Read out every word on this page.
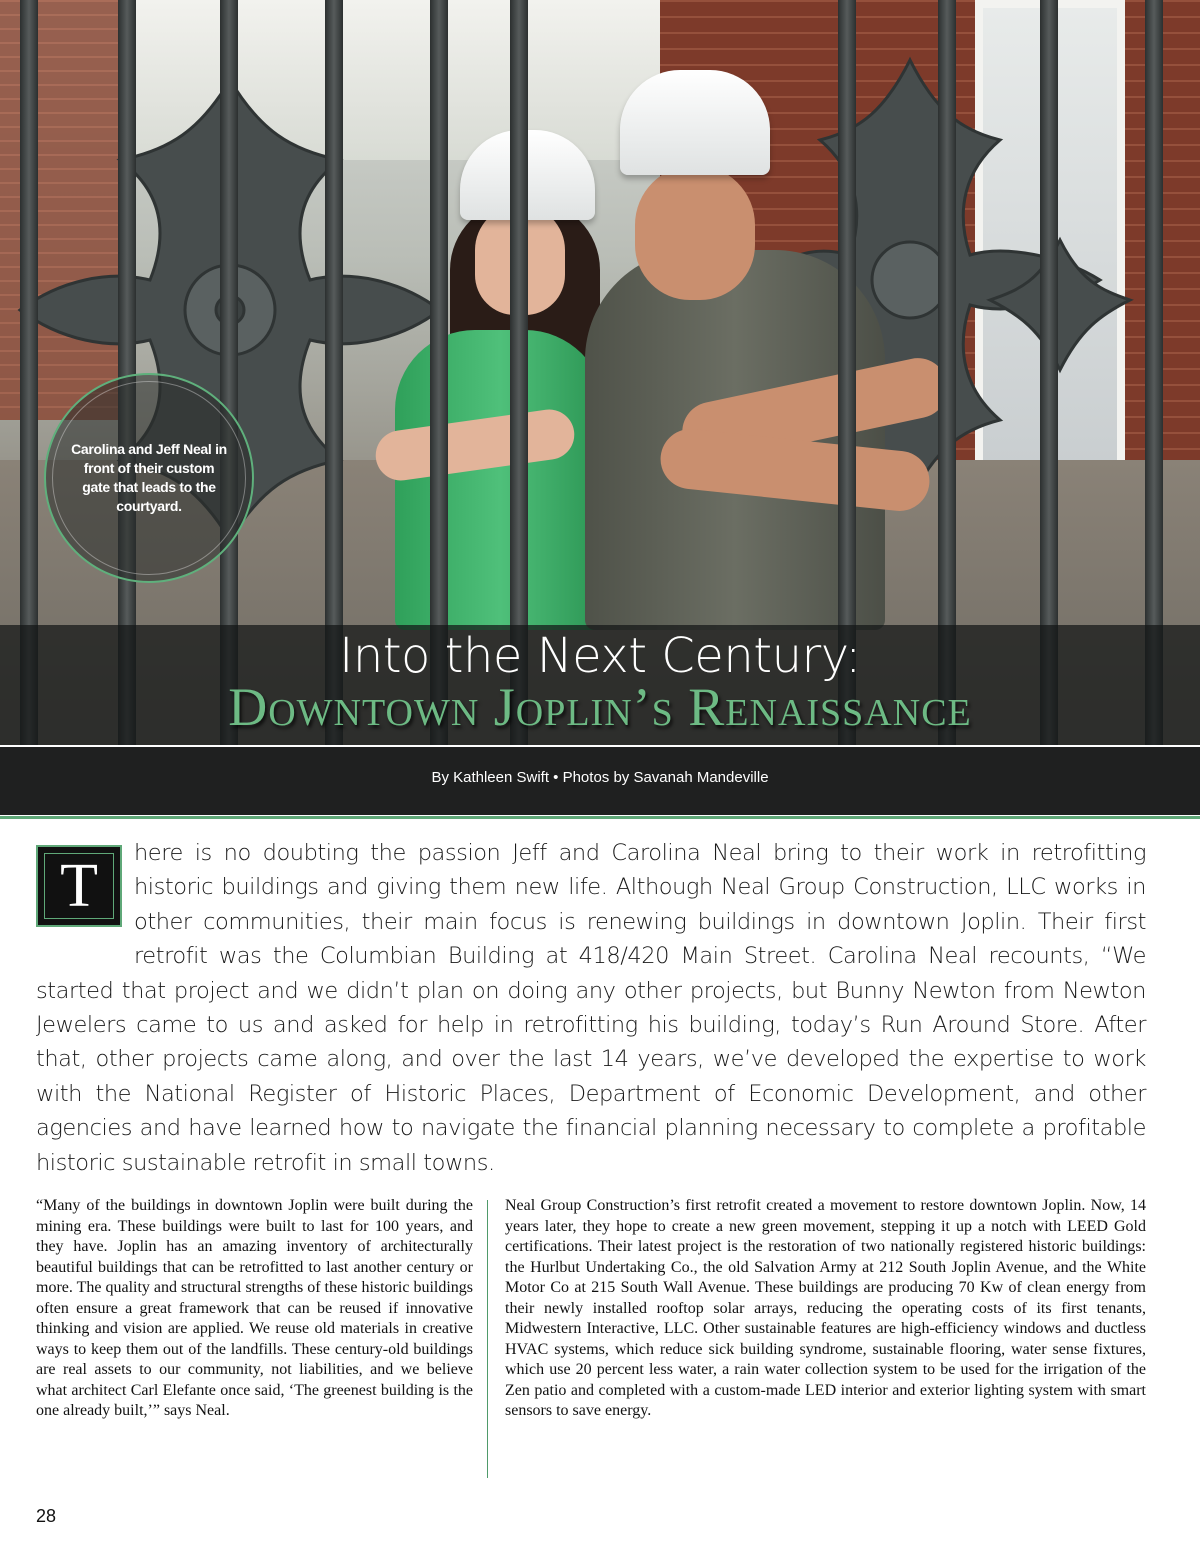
Carolina and Jeff Neal in front of their custom gate that leads to the courtyard.
Into the Next Century:
Downtown Joplin’s Renaissance
By Kathleen Swift • Photos by Savanah Mandeville
T	here is no doubting the passion Jeff and Carolina Neal bring to their work in retrofitting historic buildings and giving them new life. Although Neal Group Construction, LLC works in other communities, their main focus is renewing buildings in downtown Joplin. Their first retrofit was the Columbian Building at 418/420 Main Street. Carolina Neal recounts, “We started that project and we didn’t plan on doing any other projects, but Bunny Newton from Newton Jewelers came to us and asked for help in retrofitting his building, today’s Run Around Store. After that, other projects came along, and over the last 14 years, we’ve developed the expertise to work with the National Register of Historic Places, Department of Economic Development, and other agencies and have learned how to navigate the financial planning necessary to complete a profitable historic sustainable retrofit in small towns.
“Many of the buildings in downtown Joplin were built during the mining era. These buildings were built to last for 100 years, and they have. Joplin has an amazing inventory of architecturally beautiful buildings that can be retrofitted to last another century or more. The quality and structural strengths of these historic buildings often ensure a great framework that can be reused if innovative thinking and vision are applied. We reuse old materials in creative ways to keep them out of the landfills. These century-old buildings are real assets to our community, not liabilities, and we believe what architect Carl Elefante once said, ‘The greenest building is the one already built,’” says Neal.
Neal Group Construction’s first retrofit created a movement to restore downtown Joplin. Now, 14 years later, they hope to create a new green movement, stepping it up a notch with LEED Gold certifications. Their latest project is the restoration of two nationally registered historic buildings: the Hurlbut Undertaking Co., the old Salvation Army at 212 South Joplin Avenue, and the White Motor Co at 215 South Wall Avenue. These buildings are producing 70 Kw of clean energy from their newly installed rooftop solar arrays, reducing the operating costs of its first tenants, Midwestern Interactive, LLC. Other sustainable features are high-efficiency windows and ductless HVAC systems, which reduce sick building syndrome, sustainable flooring, water sense fixtures, which use 20 percent less water, a rain water collection system to be used for the irrigation of the Zen patio and completed with a custom-made LED interior and exterior lighting system with smart sensors to save energy.
28
